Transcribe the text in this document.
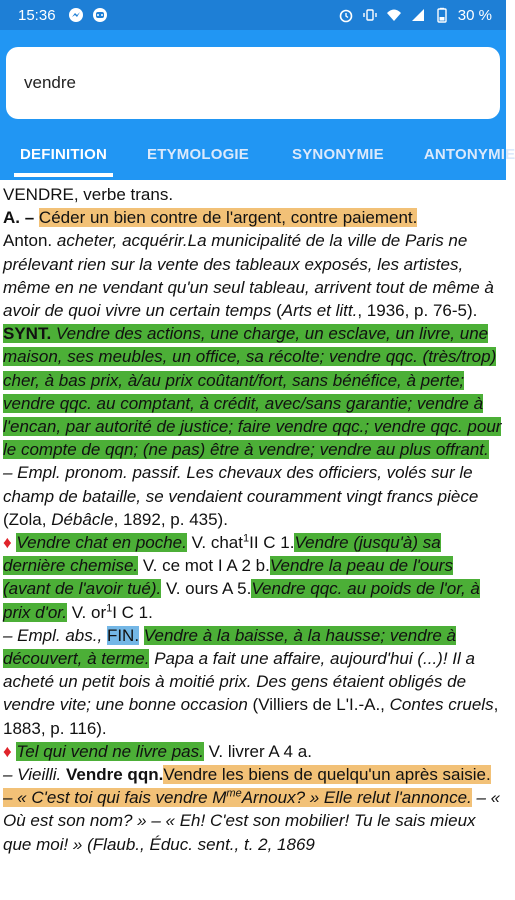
15:36	30 %
vendre
DEFINITION	ETYMOLOGIE	SYNONYMIE	ANTONYMIE

VENDRE, verbe trans.
A. – Céder un bien contre de l'argent, contre paiement.
Anton. acheter, acquérir.La municipalité de la ville de Paris ne prélevant rien sur la vente des tableaux exposés, les artistes, même en ne vendant qu'un seul tableau, arrivent tout de même à avoir de quoi vivre un certain temps (Arts et litt., 1936, p. 76-5).
SYNT. Vendre des actions, une charge, un esclave, un livre, une maison, ses meubles, un office, sa récolte; vendre qqc. (très/trop) cher, à bas prix, à/au prix coûtant/fort, sans bénéfice, à perte; vendre qqc. au comptant, à crédit, avec/sans garantie; vendre à l'encan, par autorité de justice; faire vendre qqc.; vendre qqc. pour le compte de qqn; (ne pas) être à vendre; vendre au plus offrant.
– Empl. pronom. passif. Les chevaux des officiers, volés sur le champ de bataille, se vendaient couramment vingt francs pièce (Zola, Débâcle, 1892, p. 435).
♦ Vendre chat en poche. V. chat$^1$II C 1.Vendre (jusqu'à) sa dernière chemise. V. ce mot I A 2 b.Vendre la peau de l'ours (avant de l'avoir tué). V. ours A 5.Vendre qqc. au poids de l'or, à prix d'or. V. $or^1I$ C 1.
– Empl. abs., FIN. Vendre à la baisse, à la hausse; vendre à découvert, à terme. Papa a fait une affaire, aujourd'hui (...)! Il a acheté un petit bois à moitié prix. Des gens étaient obligés de vendre vite; une bonne occasion (Villiers de L'I.-A., Contes cruels, 1883, p. 116).
♦ Tel qui vend ne livre pas. V. livrer A 4 a.
– Vieilli. Vendre qqn.Vendre les biens de quelqu'un après saisie. – « C'est toi qui fais vendre $M^{me}Arnoux$? » Elle relut l'annonce. – « Où est son nom? » – « Eh! C'est son mobilier! Tu le sais mieux que moi! » (Flaub., Éduc. sent., t. 2, 1869
